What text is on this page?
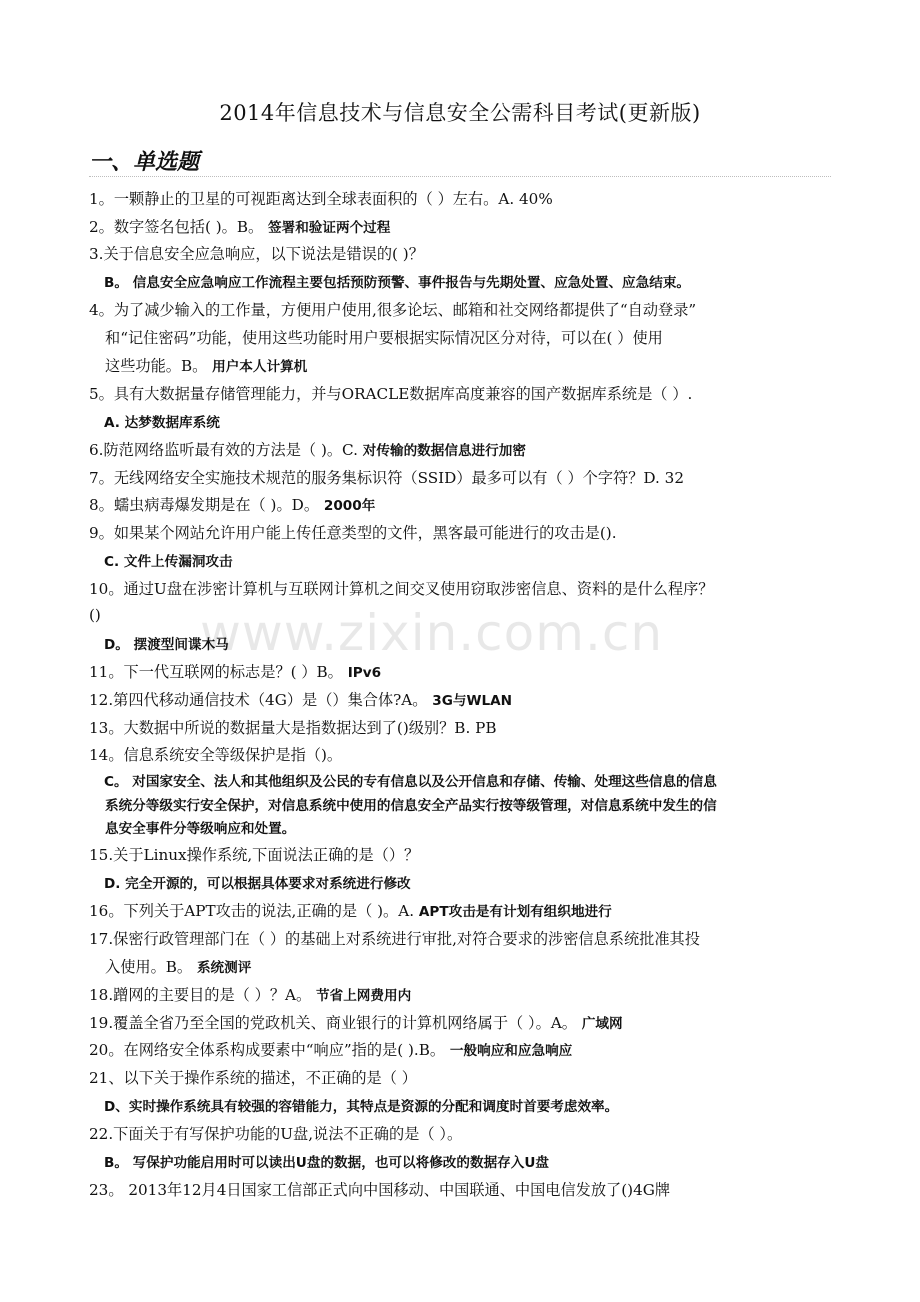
2014年信息技术与信息安全公需科目考试(更新版)
一、单选题
www.zixin.com.cn
1。一颗静止的卫星的可视距离达到全球表面积的（ ）左右。A. 40%
2。数字签名包括( )。B。 签署和验证两个过程
3.关于信息安全应急响应，以下说法是错误的( )？
B。 信息安全应急响应工作流程主要包括预防预警、事件报告与先期处置、应急处置、应急结束。
4。为了减少输入的工作量，方便用户使用,很多论坛、邮箱和社交网络都提供了“自动登录”
和“记住密码”功能，使用这些功能时用户要根据实际情况区分对待，可以在( ）使用
这些功能。B。 用户本人计算机
5。具有大数据量存储管理能力，并与ORACLE数据库高度兼容的国产数据库系统是（ ）.
A. 达梦数据库系统
6.防范网络监听最有效的方法是（ )。C. 对传输的数据信息进行加密
7。无线网络安全实施技术规范的服务集标识符（SSID）最多可以有（ ）个字符？D. 32
8。蠕虫病毒爆发期是在（ )。D。 2000年
9。如果某个网站允许用户能上传任意类型的文件，黑客最可能进行的攻击是().
C. 文件上传漏洞攻击
10。通过U盘在涉密计算机与互联网计算机之间交叉使用窃取涉密信息、资料的是什么程序？
()
D。 摆渡型间谍木马
11。下一代互联网的标志是？( ）B。 IPv6
12.第四代移动通信技术（4G）是（）集合体?A。 3G与WLAN
13。大数据中所说的数据量大是指数据达到了()级别？B. PB
14。信息系统安全等级保护是指（)。
C。 对国家安全、法人和其他组织及公民的专有信息以及公开信息和存储、传输、处理这些信息的信息
系统分等级实行安全保护，对信息系统中使用的信息安全产品实行按等级管理，对信息系统中发生的信
息安全事件分等级响应和处置。
15.关于Linux操作系统,下面说法正确的是（）？
D. 完全开源的，可以根据具体要求对系统进行修改
16。下列关于APT攻击的说法,正确的是（ )。A. APT攻击是有计划有组织地进行
17.保密行政管理部门在（ ）的基础上对系统进行审批,对符合要求的涉密信息系统批准其投
入使用。B。 系统测评
18.蹭网的主要目的是（ ）？A。 节省上网费用内
19.覆盖全省乃至全国的党政机关、商业银行的计算机网络属于（ ）。A。 广域网
20。在网络安全体系构成要素中“响应”指的是( ).B。 一般响应和应急响应
21、以下关于操作系统的描述，不正确的是（ ）
D、实时操作系统具有较强的容错能力，其特点是资源的分配和调度时首要考虑效率。
22.下面关于有写保护功能的U盘,说法不正确的是（ ）。
B。 写保护功能启用时可以读出U盘的数据，也可以将修改的数据存入U盘
23。 2013年12月4日国家工信部正式向中国移动、中国联通、中国电信发放了()4G牌
